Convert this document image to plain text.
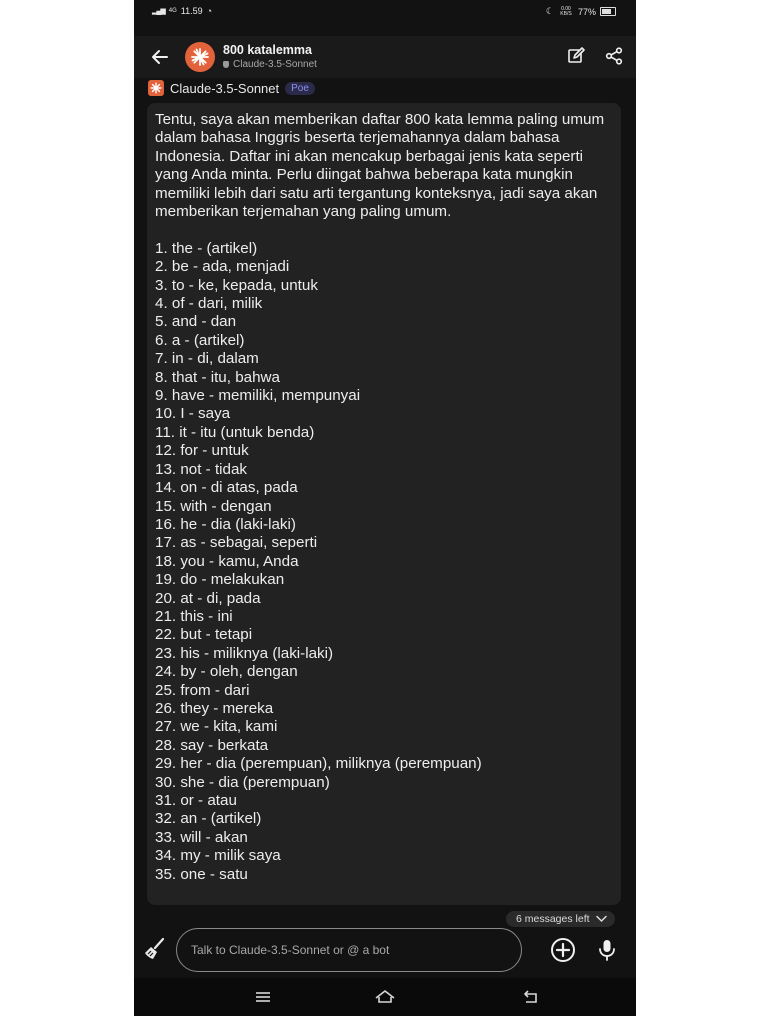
▂▄▆ 4G 11.59 ◔	☾	0.00 KB/S 77%
800 katalemma
Claude-3.5-Sonnet
Claude-3.5-Sonnet	Poe

Tentu, saya akan memberikan daftar 800 kata lemma paling umum dalam bahasa Inggris beserta terjemahannya dalam bahasa Indonesia. Daftar ini akan mencakup berbagai jenis kata seperti yang Anda minta. Perlu diingat bahwa beberapa kata mungkin memiliki lebih dari satu arti tergantung konteksnya, jadi saya akan memberikan terjemahan yang paling umum.

1. the - (artikel)
2. be - ada, menjadi
3. to - ke, kepada, untuk
4. of - dari, milik
5. and - dan
6. a - (artikel)
7. in - di, dalam
8. that - itu, bahwa
9. have - memiliki, mempunyai
10. I - saya
11. it - itu (untuk benda)
12. for - untuk
13. not - tidak
14. on - di atas, pada
15. with - dengan
16. he - dia (laki-laki)
17. as - sebagai, seperti
18. you - kamu, Anda
19. do - melakukan
20. at - di, pada
21. this - ini
22. but - tetapi
23. his - miliknya (laki-laki)
24. by - oleh, dengan
25. from - dari
26. they - mereka
27. we - kita, kami
28. say - berkata
29. her - dia (perempuan), miliknya (perempuan)
30. she - dia (perempuan)
31. or - atau
32. an - (artikel)
33. will - akan
34. my - milik saya
35. one - satu
6 messages left
Talk to Claude-3.5-Sonnet or @ a bot
